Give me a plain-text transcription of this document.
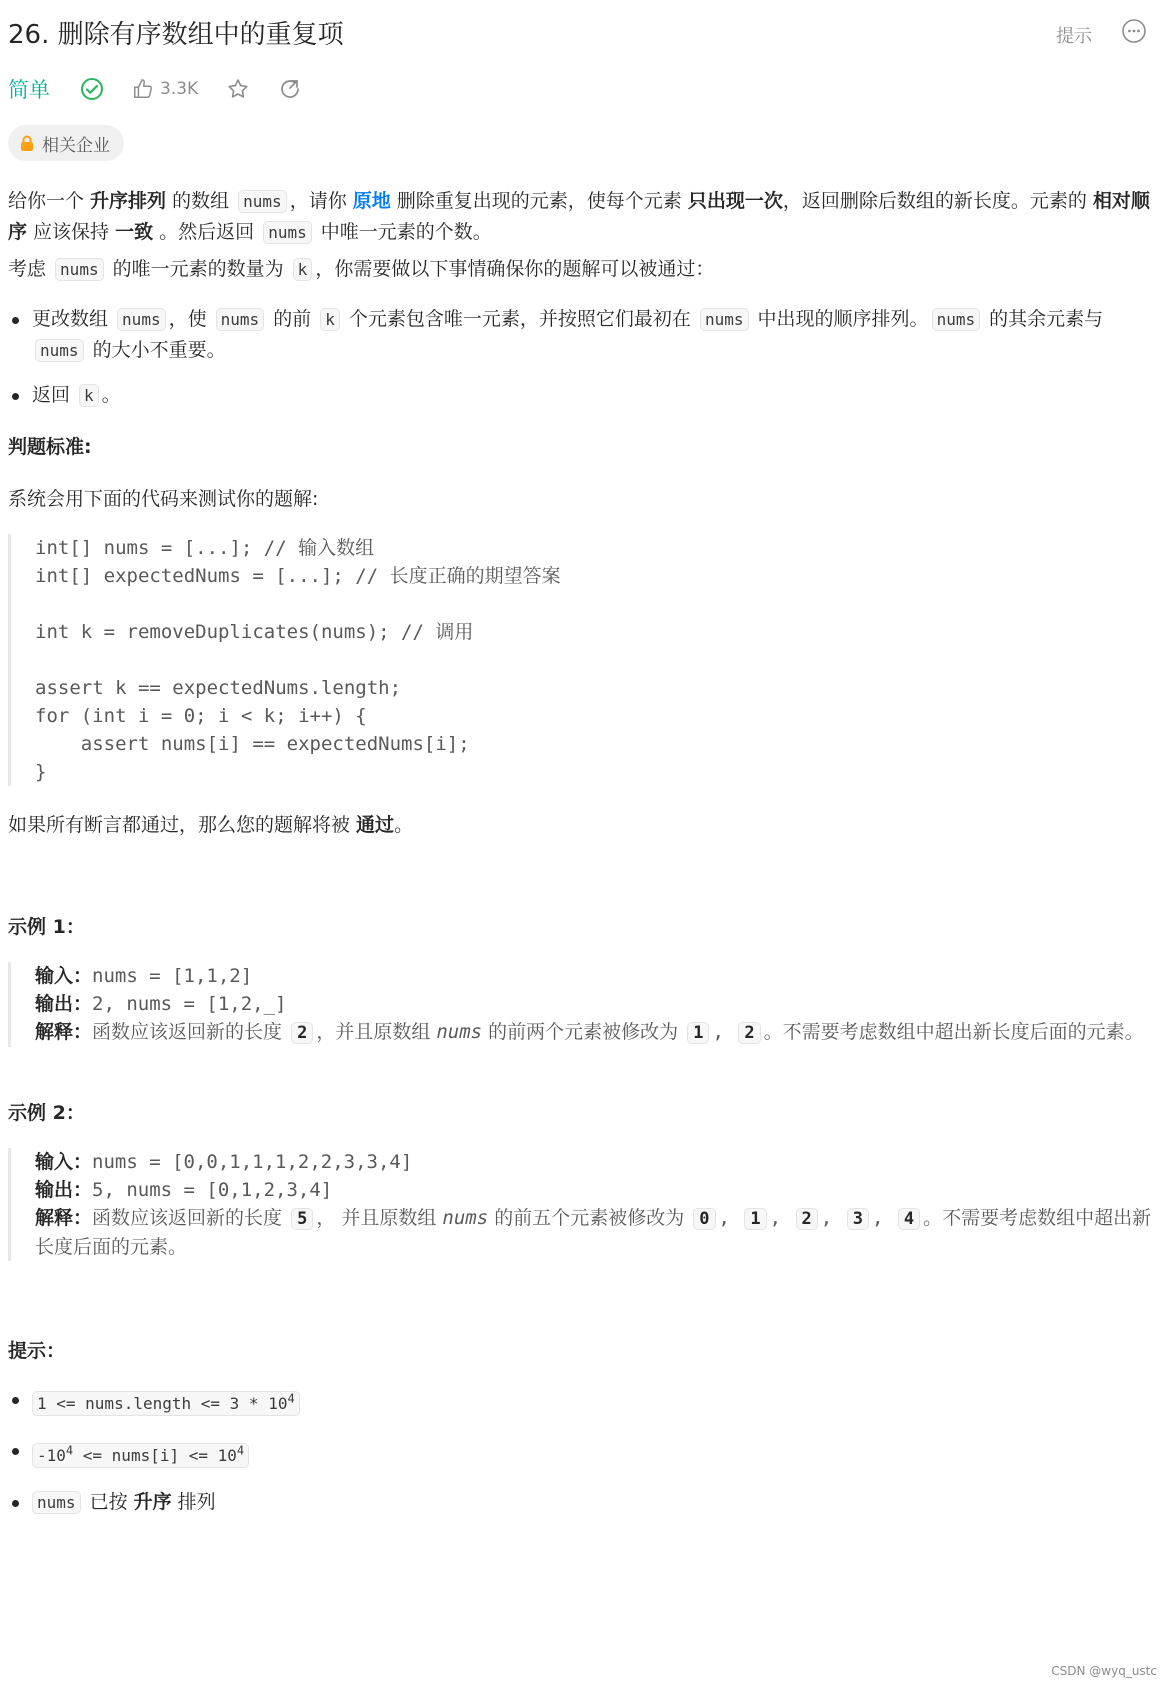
26. 删除有序数组中的重复项	提示
简单	3.3K
相关企业
给你一个 升序排列 的数组 nums ，请你 原地 删除重复出现的元素，使每个元素 只出现一次，返回删除后数组的新长度。元素的 相对顺序 应该保持 一致 。然后返回 nums 中唯一元素的个数。
考虑 nums 的唯一元素的数量为 k ，你需要做以下事情确保你的题解可以被通过：
更改数组 nums ，使 nums 的前 k 个元素包含唯一元素，并按照它们最初在 nums 中出现的顺序排列。 nums 的其余元素与 nums 的大小不重要。
返回 k 。
判题标准:
系统会用下面的代码来测试你的题解:
int[] nums = [...]; // 输入数组
int[] expectedNums = [...]; // 长度正确的期望答案

int k = removeDuplicates(nums); // 调用

assert k == expectedNums.length;
for (int i = 0; i < k; i++) {
assert nums[i] == expectedNums[i];
}
如果所有断言都通过，那么您的题解将被 通过。
示例 1：
输入：nums = [1,1,2]
输出：2, nums = [1,2,_]
解释：函数应该返回新的长度 2 ，并且原数组 nums 的前两个元素被修改为 1 , 2 。不需要考虑数组中超出新长度后面的元素。
示例 2：
输入：nums = [0,0,1,1,1,2,2,3,3,4]
输出：5, nums = [0,1,2,3,4]
解释：函数应该返回新的长度 5 ， 并且原数组 nums 的前五个元素被修改为 0 , 1 , 2 , 3 , 4 。不需要考虑数组中超出新长度后面的元素。
提示：
1 <= nums.length <= $3 * 10^4$
$-10^4$ <= nums[i] <= $10^4$
nums 已按 升序 排列
CSDN @wyq_ustc
